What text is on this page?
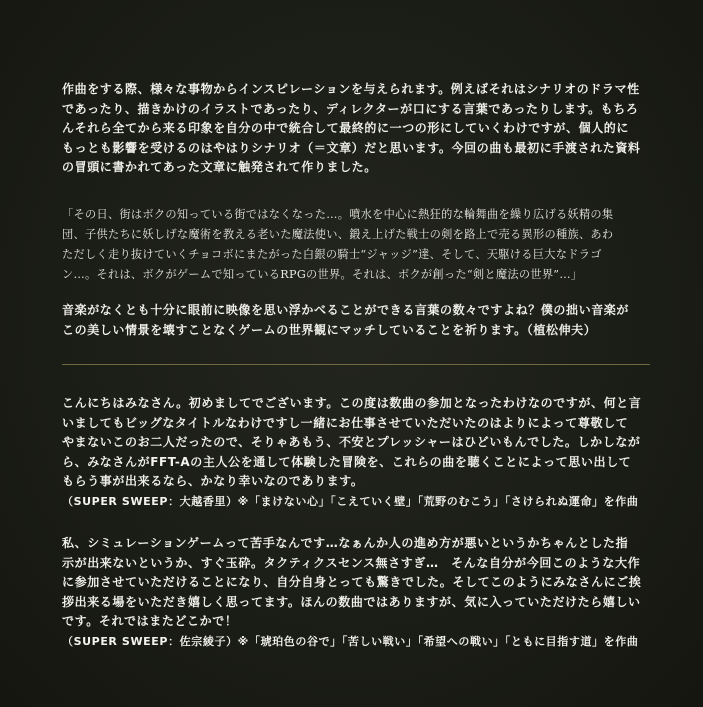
作曲をする際、様々な事物からインスピレーションを与えられます。例えばそれはシナリオのドラマ性
であったり、描きかけのイラストであったり、ディレクターが口にする言葉であったりします。もちろ
んそれら全てから来る印象を自分の中で統合して最終的に一つの形にしていくわけですが、個人的に
もっとも影響を受けるのはやはりシナリオ（＝文章）だと思います。今回の曲も最初に手渡された資料
の冒頭に書かれてあった文章に触発されて作りました。
「その日、街はボクの知っている街ではなくなった…。噴水を中心に熱狂的な輪舞曲を繰り広げる妖精の集
団、子供たちに妖しげな魔術を教える老いた魔法使い、鍛え上げた戦士の剣を路上で売る異形の種族、あわ
ただしく走り抜けていくチョコボにまたがった白銀の騎士“ジャッジ”達、そして、天駆ける巨大なドラゴ
ン…。それは、ボクがゲームで知っているRPGの世界。それは、ボクが創った“剣と魔法の世界”…」
音楽がなくとも十分に眼前に映像を思い浮かべることができる言葉の数々ですよね？僕の拙い音楽が
この美しい情景を壊すことなくゲームの世界観にマッチしていることを祈ります。（植松伸夫）
こんにちはみなさん。初めましてでございます。この度は数曲の参加となったわけなのですが、何と言
いましてもビッグなタイトルなわけですし一緒にお仕事させていただいたのはよりによって尊敬して
やまないこのお二人だったので、そりゃあもう、不安とプレッシャーはひどいもんでした。しかしなが
ら、みなさんがFFT-Aの主人公を通して体験した冒険を、これらの曲を聴くことによって思い出して
もらう事が出来るなら、かなり幸いなのであります。
（SUPER SWEEP：大越香里）※「まけない心」「こえていく壁」「荒野のむこう」「さけられぬ運命」を作曲
私、シミュレーションゲームって苦手なんです…なぁんか人の進め方が悪いというかちゃんとした指
示が出来ないというか、すぐ玉砕。タクティクスセンス無さすぎ…　そんな自分が今回このような大作
に参加させていただけることになり、自分自身とっても驚きでした。そしてこのようにみなさんにご挨
拶出来る場をいただき嬉しく思ってます。ほんの数曲ではありますが、気に入っていただけたら嬉しい
です。それではまたどこかで！
（SUPER SWEEP：佐宗綾子）※「琥珀色の谷で」「苦しい戦い」「希望への戦い」「ともに目指す道」を作曲
